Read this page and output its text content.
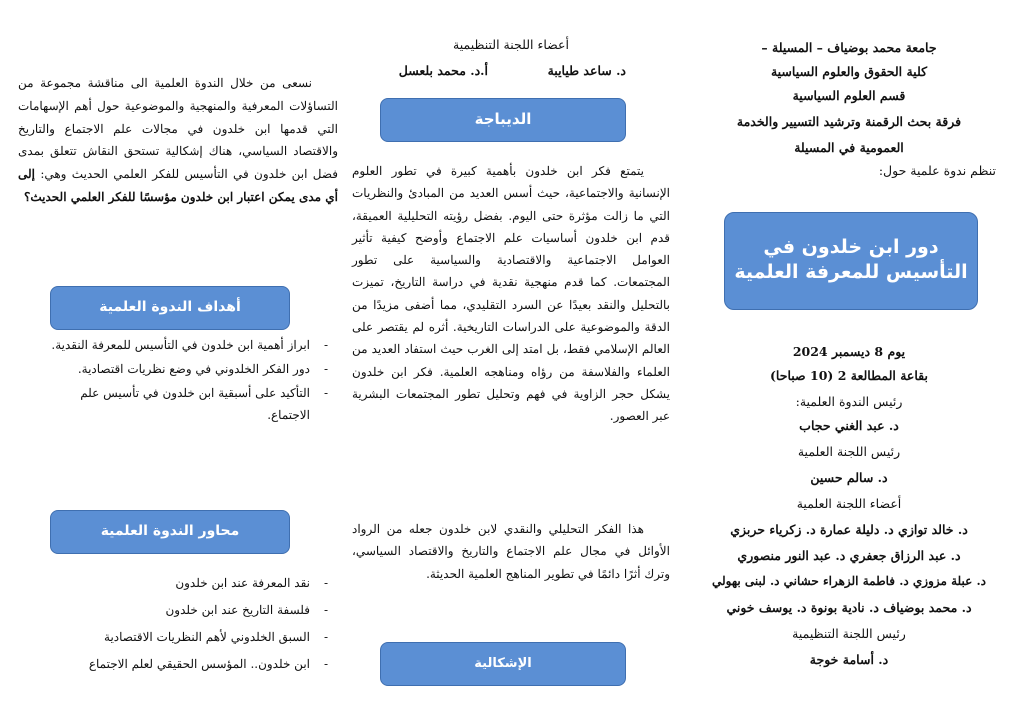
جامعة محمد بوضياف – المسيلة –
كلية الحقوق والعلوم السياسية
قسم العلوم السياسية
فرقة بحث الرقمنة وترشيد التسيير والخدمة
العمومية في المسيلة
تنظم ندوة علمية حول:
دور ابن خلدون في
التأسيس للمعرفة العلمية
يوم 8 ديسمبر 2024
بقاعة المطالعة 2 (10 صباحا)
رئيس الندوة العلمية:
د. عبد الغني حجاب
رئيس اللجنة العلمية
د. سالم حسين
أعضاء اللجنة العلمية
د. خالد توازي د. دليلة عمارة د. زكرياء حربزي
د. عبد الرزاق جعفري د. عبد النور منصوري
د. عبلة مزوزي د. فاطمة الزهراء حشاني د. لبنى بهولي
د. محمد بوضياف د. نادية بونوة د. يوسف خوني
رئيس اللجنة التنظيمية
د. أسامة خوجة
أعضاء اللجنة التنظيمية
د. ساعد طيايبة
أ.د. محمد بلعسل
الديباجة
يتمتع فكر ابن خلدون بأهمية كبيرة في تطور العلوم الإنسانية والاجتماعية، حيث أسس العديد من المبادئ والنظريات التي ما زالت مؤثرة حتى اليوم. بفضل رؤيته التحليلية العميقة، قدم ابن خلدون أساسيات علم الاجتماع وأوضح كيفية تأثير العوامل الاجتماعية والاقتصادية والسياسية على تطور المجتمعات. كما قدم منهجية نقدية في دراسة التاريخ، تميزت بالتحليل والنقد بعيدًا عن السرد التقليدي، مما أضفى مزيدًا من الدقة والموضوعية على الدراسات التاريخية. أثره لم يقتصر على العالم الإسلامي فقط، بل امتد إلى الغرب حيث استفاد العديد من العلماء والفلاسفة من رؤاه ومناهجه العلمية. فكر ابن خلدون يشكل حجر الزاوية في فهم وتحليل تطور المجتمعات البشرية عبر العصور.
هذا الفكر التحليلي والنقدي لابن خلدون جعله من الرواد الأوائل في مجال علم الاجتماع والتاريخ والاقتصاد السياسي، وترك أثرًا دائمًا في تطوير المناهج العلمية الحديثة.
الإشكالية
نسعى من خلال الندوة العلمية الى مناقشة مجموعة من التساؤلات المعرفية والمنهجية والموضوعية حول أهم الإسهامات التي قدمها ابن خلدون في مجالات علم الاجتماع والتاريخ والاقتصاد السياسي، هناك إشكالية تستحق النقاش تتعلق بمدى فضل ابن خلدون في التأسيس للفكر العلمي الحديث وهي: إلى أي مدى يمكن اعتبار ابن خلدون مؤسسًا للفكر العلمي الحديث؟
أهداف الندوة العلمية
- ابراز أهمية ابن خلدون في التأسيس للمعرفة النقدية.
- دور الفكر الخلدوني في وضع نظريات اقتصادية.
- التأكيد على أسبقية ابن خلدون في تأسيس علم الاجتماع.
محاور الندوة العلمية
- نقد المعرفة عند ابن خلدون
- فلسفة التاريخ عند ابن خلدون
- السبق الخلدوني لأهم النظريات الاقتصادية
- ابن خلدون.. المؤسس الحقيقي لعلم الاجتماع
